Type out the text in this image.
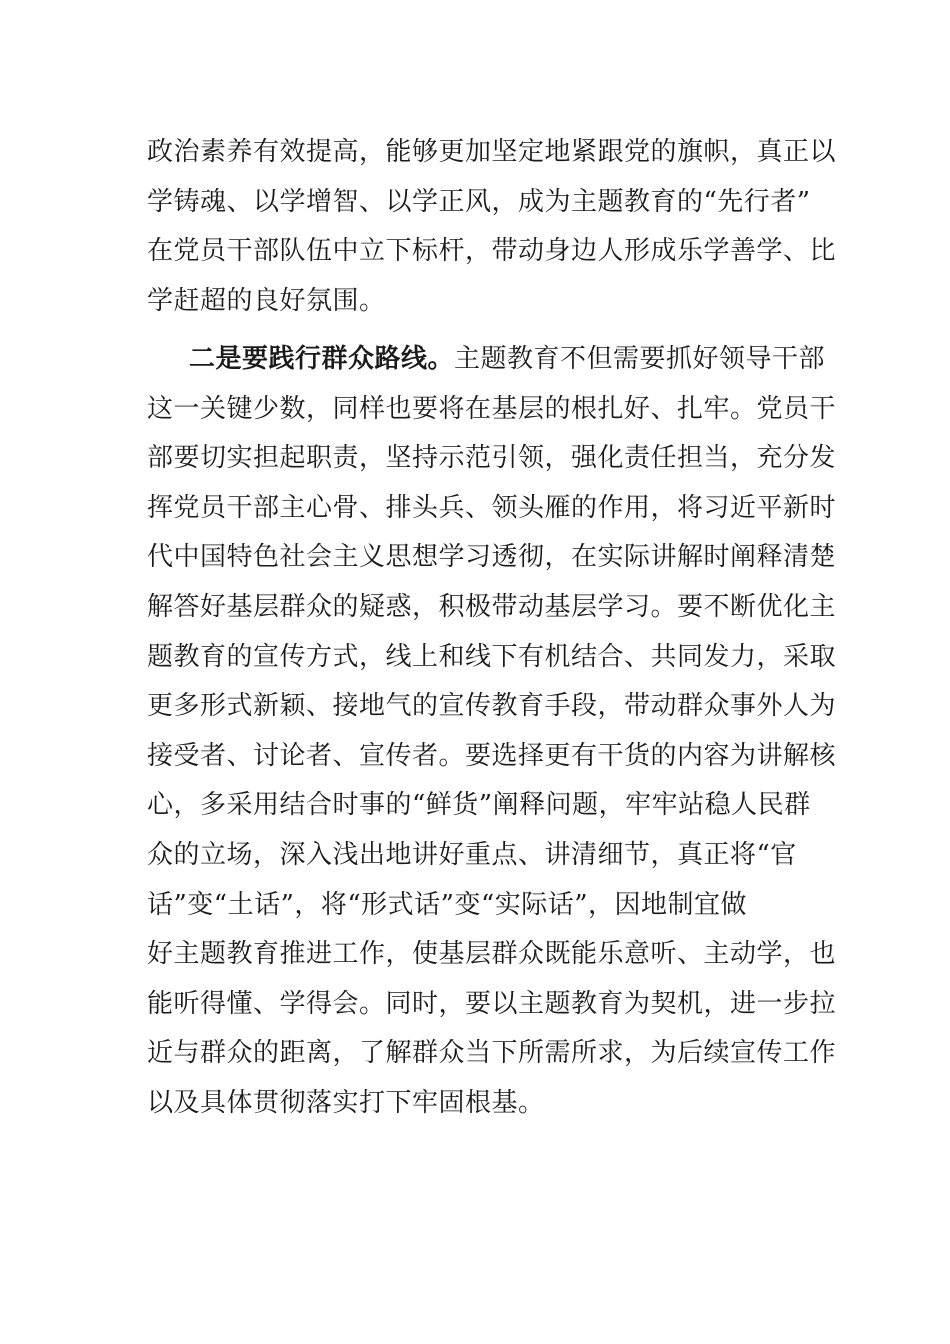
政治素养有效提高，能够更加坚定地紧跟党的旗帜，真正以
学铸魂、以学增智、以学正风，成为主题教育的“先行者”
在党员干部队伍中立下标杆，带动身边人形成乐学善学、比
学赶超的良好氛围。
二是要践行群众路线。主题教育不但需要抓好领导干部
这一关键少数，同样也要将在基层的根扎好、扎牢。党员干
部要切实担起职责，坚持示范引领，强化责任担当，充分发
挥党员干部主心骨、排头兵、领头雁的作用，将习近平新时
代中国特色社会主义思想学习透彻，在实际讲解时阐释清楚
解答好基层群众的疑惑，积极带动基层学习。要不断优化主
题教育的宣传方式，线上和线下有机结合、共同发力，采取
更多形式新颖、接地气的宣传教育手段，带动群众事外人为
接受者、讨论者、宣传者。要选择更有干货的内容为讲解核
心，多采用结合时事的“鲜货”阐释问题，牢牢站稳人民群
众的立场，深入浅出地讲好重点、讲清细节，真正将“官
话”变“土话”，将“形式话”变“实际话”，因地制宜做
好主题教育推进工作，使基层群众既能乐意听、主动学，也
能听得懂、学得会。同时，要以主题教育为契机，进一步拉
近与群众的距离，了解群众当下所需所求，为后续宣传工作
以及具体贯彻落实打下牢固根基。
